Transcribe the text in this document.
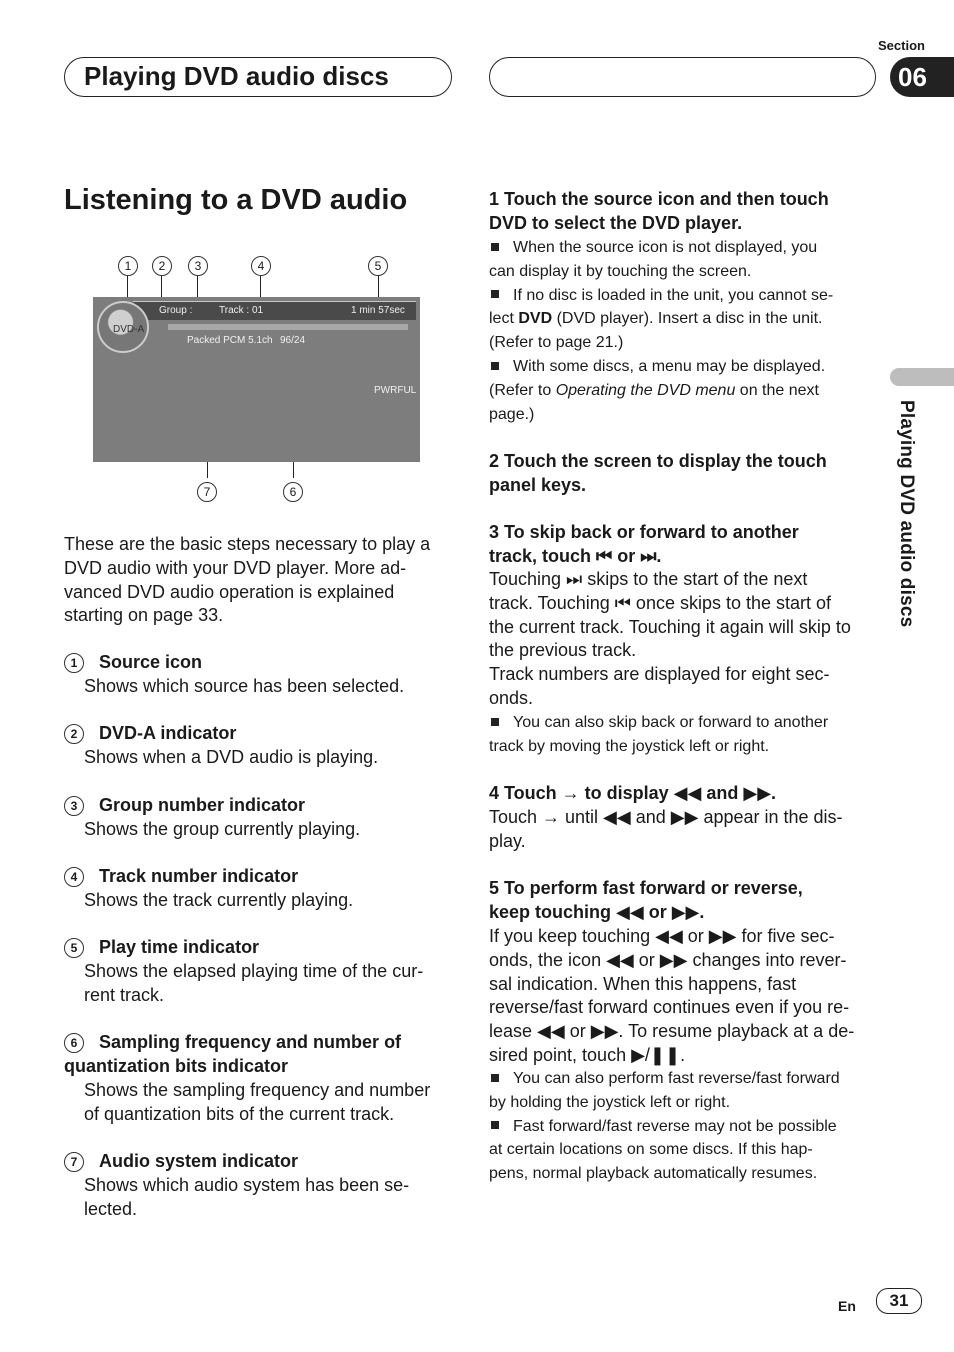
Playing DVD audio discs
Section
06
Playing DVD audio discs
Listening to a DVD audio
1	2	3	4	5
7	6
DVD-A
Group :	Track : 01	1 min 57sec
Packed PCM 5.1ch 96/24
PWRFUL
These are the basic steps necessary to play a DVD audio with your DVD player. More ad- vanced DVD audio operation is explained starting on page 33.
1 Source icon
Shows which source has been selected.
2 DVD-A indicator
Shows when a DVD audio is playing.
3 Group number indicator
Shows the group currently playing.
4 Track number indicator
Shows the track currently playing.
5 Play time indicator
Shows the elapsed playing time of the cur-
rent track.
6 Sampling frequency and number of
quantization bits indicator
Shows the sampling frequency and number
of quantization bits of the current track.
7 Audio system indicator
Shows which audio system has been se-
lected.
1 Touch the source icon and then touch
DVD to select the DVD player.
When the source icon is not displayed, you
can display it by touching the screen.
If no disc is loaded in the unit, you cannot se-
lect DVD (DVD player). Insert a disc in the unit.
(Refer to page 21.)
With some discs, a menu may be displayed.
(Refer to Operating the DVD menu on the next
page.)
2 Touch the screen to display the touch
panel keys.
3 To skip back or forward to another
track, touch ⏮ or ⏭.
Touching ⏭ skips to the start of the next
track. Touching ⏮ once skips to the start of
the current track. Touching it again will skip to
the previous track.
Track numbers are displayed for eight sec-
onds.
You can also skip back or forward to another
track by moving the joystick left or right.
4 Touch → to display ◀◀ and ▶▶.
Touch → until ◀◀ and ▶▶ appear in the dis-
play.
5 To perform fast forward or reverse,
keep touching ◀◀ or ▶▶.
If you keep touching ◀◀ or ▶▶ for five sec-
onds, the icon ◀◀ or ▶▶ changes into rever-
sal indication. When this happens, fast
reverse/fast forward continues even if you re-
lease ◀◀ or ▶▶. To resume playback at a de-
sired point, touch ▶/❚❚.
You can also perform fast reverse/fast forward
by holding the joystick left or right.
Fast forward/fast reverse may not be possible
at certain locations on some discs. If this hap-
pens, normal playback automatically resumes.
En	31
